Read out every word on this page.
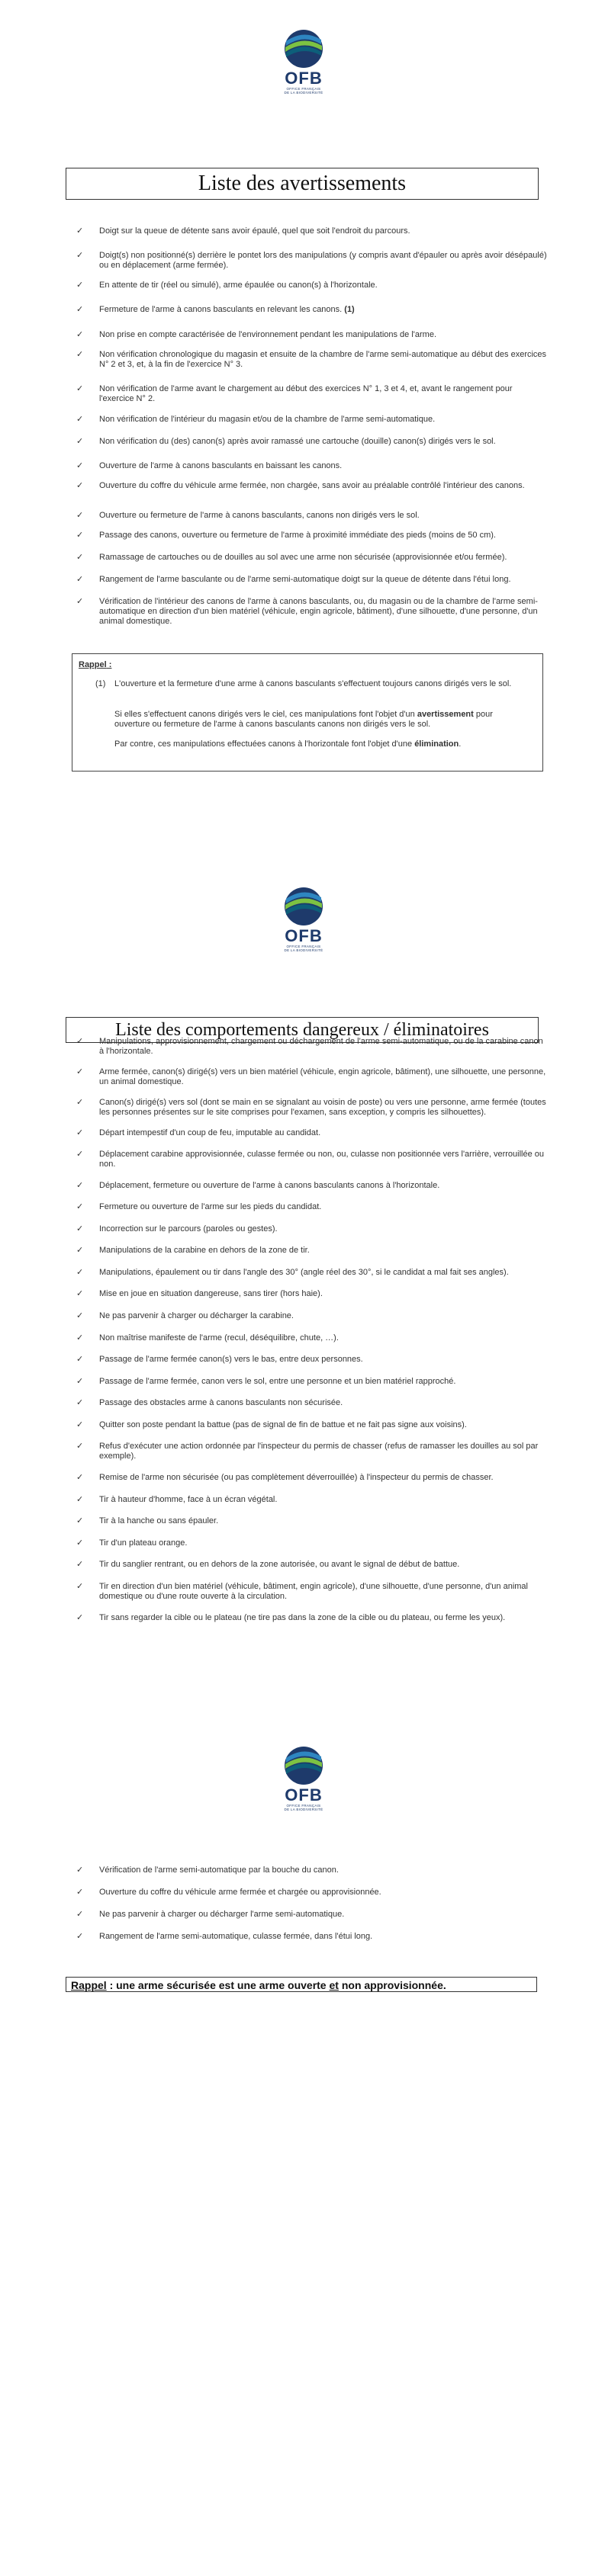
OFB
OFFICE FRANÇAIS
DE LA BIODIVERSITÉ
Liste des avertissements
✓ Doigt sur la queue de détente sans avoir épaulé, quel que soit l'endroit du parcours.
✓ Doigt(s) non positionné(s) derrière le pontet lors des manipulations (y compris avant d'épauler ou après avoir désépaulé) ou en déplacement (arme fermée).
✓ En attente de tir (réel ou simulé), arme épaulée ou canon(s) à l'horizontale.
✓ Fermeture de l'arme à canons basculants en relevant les canons. (1)
✓ Non prise en compte caractérisée de l'environnement pendant les manipulations de l'arme.
✓ Non vérification chronologique du magasin et ensuite de la chambre de l'arme semi-automatique au début des exercices N° 2 et 3, et, à la fin de l'exercice N° 3.
✓ Non vérification de l'arme avant le chargement au début des exercices N° 1, 3 et 4, et, avant le rangement pour l'exercice N° 2.
✓ Non vérification de l'intérieur du magasin et/ou de la chambre de l'arme semi-automatique.
✓ Non vérification du (des) canon(s) après avoir ramassé une cartouche (douille) canon(s) dirigés vers le sol.
✓ Ouverture de l'arme à canons basculants en baissant les canons.
✓ Ouverture du coffre du véhicule arme fermée, non chargée, sans avoir au préalable contrôlé l'intérieur des canons.
✓ Ouverture ou fermeture de l'arme à canons basculants, canons non dirigés vers le sol.
✓ Passage des canons, ouverture ou fermeture de l'arme à proximité immédiate des pieds (moins de 50 cm).
✓ Ramassage de cartouches ou de douilles au sol avec une arme non sécurisée (approvisionnée et/ou fermée).
✓ Rangement de l'arme basculante ou de l'arme semi-automatique doigt sur la queue de détente dans l'étui long.
✓ Vérification de l'intérieur des canons de l'arme à canons basculants, ou, du magasin ou de la chambre de l'arme semi-automatique en direction d'un bien matériel (véhicule, engin agricole, bâtiment), d'une silhouette, d'une personne, d'un animal domestique.
Rappel :
(1) L'ouverture et la fermeture d'une arme à canons basculants s'effectuent toujours canons dirigés vers le sol.
Si elles s'effectuent canons dirigés vers le ciel, ces manipulations font l'objet d'un avertissement pour ouverture ou fermeture de l'arme à canons basculants canons non dirigés vers le sol.
Par contre, ces manipulations effectuées canons à l'horizontale font l'objet d'une élimination.
OFB
OFFICE FRANÇAIS
DE LA BIODIVERSITÉ
Liste des comportements dangereux / éliminatoires
✓ Manipulations, approvisionnement, chargement ou déchargement de l'arme semi-automatique, ou de la carabine canon à l'horizontale.
✓ Arme fermée, canon(s) dirigé(s) vers un bien matériel (véhicule, engin agricole, bâtiment), une silhouette, une personne, un animal domestique.
✓ Canon(s) dirigé(s) vers sol (dont se main en se signalant au voisin de poste) ou vers une personne, arme fermée (toutes les personnes présentes sur le site comprises pour l'examen, sans exception, y compris les silhouettes).
✓ Départ intempestif d'un coup de feu, imputable au candidat.
✓ Déplacement carabine approvisionnée, culasse fermée ou non, ou, culasse non positionnée vers l'arrière, verrouillée ou non.
✓ Déplacement, fermeture ou ouverture de l'arme à canons basculants canons à l'horizontale.
✓ Fermeture ou ouverture de l'arme sur les pieds du candidat.
✓ Incorrection sur le parcours (paroles ou gestes).
✓ Manipulations de la carabine en dehors de la zone de tir.
✓ Manipulations, épaulement ou tir dans l'angle des 30° (angle réel des 30°, si le candidat a mal fait ses angles).
✓ Mise en joue en situation dangereuse, sans tirer (hors haie).
✓ Ne pas parvenir à charger ou décharger la carabine.
✓ Non maîtrise manifeste de l'arme (recul, déséquilibre, chute, …).
✓ Passage de l'arme fermée canon(s) vers le bas, entre deux personnes.
✓ Passage de l'arme fermée, canon vers le sol, entre une personne et un bien matériel rapproché.
✓ Passage des obstacles arme à canons basculants non sécurisée.
✓ Quitter son poste pendant la battue (pas de signal de fin de battue et ne fait pas signe aux voisins).
✓ Refus d'exécuter une action ordonnée par l'inspecteur du permis de chasser (refus de ramasser les douilles au sol par exemple).
✓ Remise de l'arme non sécurisée (ou pas complètement déverrouillée) à l'inspecteur du permis de chasser.
✓ Tir à hauteur d'homme, face à un écran végétal.
✓ Tir à la hanche ou sans épauler.
✓ Tir d'un plateau orange.
✓ Tir du sanglier rentrant, ou en dehors de la zone autorisée, ou avant le signal de début de battue.
✓ Tir en direction d'un bien matériel (véhicule, bâtiment, engin agricole), d'une silhouette, d'une personne, d'un animal domestique ou d'une route ouverte à la circulation.
✓ Tir sans regarder la cible ou le plateau (ne tire pas dans la zone de la cible ou du plateau, ou ferme les yeux).
OFB
OFFICE FRANÇAIS
DE LA BIODIVERSITÉ
✓ Vérification de l'arme semi-automatique par la bouche du canon.
✓ Ouverture du coffre du véhicule arme fermée et chargée ou approvisionnée.
✓ Ne pas parvenir à charger ou décharger l'arme semi-automatique.
✓ Rangement de l'arme semi-automatique, culasse fermée, dans l'étui long.
Rappel : une arme sécurisée est une arme ouverte et non approvisionnée.
